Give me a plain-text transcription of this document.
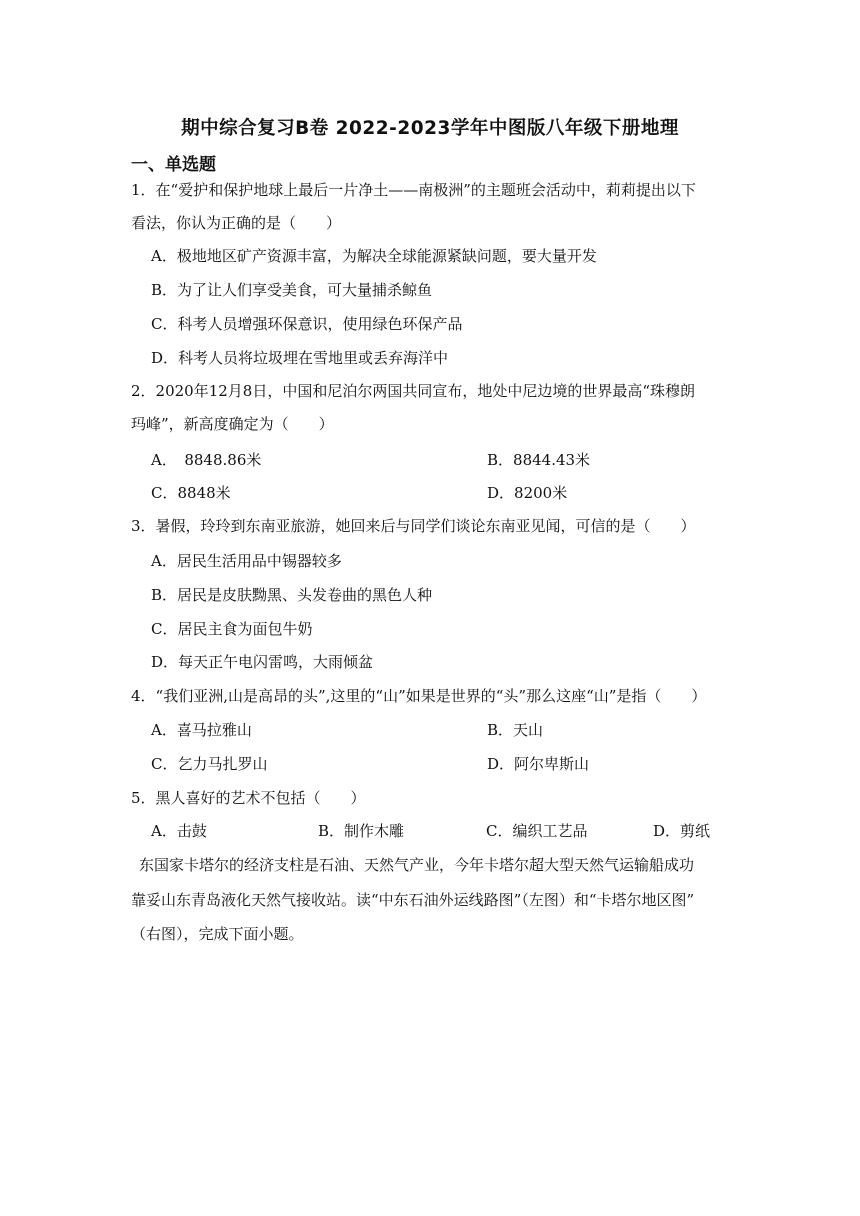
期中综合复习B卷 2022-2023学年中图版八年级下册地理
一、单选题
1．在“爱护和保护地球上最后一片净土——南极洲”的主题班会活动中，莉莉提出以下
看法，你认为正确的是（　　）
A．极地地区矿产资源丰富，为解决全球能源紧缺问题，要大量开发
B．为了让人们享受美食，可大量捕杀鲸鱼
C．科考人员增强环保意识，使用绿色环保产品
D．科考人员将垃圾埋在雪地里或丢弃海洋中
2．2020年12月8日，中国和尼泊尔两国共同宣布，地处中尼边境的世界最高“珠穆朗
玛峰”，新高度确定为（　　）
A．　8848.86米	B．8844.43米
C．8848米	D．8200米
3．暑假，玲玲到东南亚旅游，她回来后与同学们谈论东南亚见闻，可信的是（　　）
A．居民生活用品中锡器较多
B．居民是皮肤黝黑、头发卷曲的黑色人种
C．居民主食为面包牛奶
D．每天正午电闪雷鸣，大雨倾盆
4．“我们亚洲,山是高昂的头”,这里的“山”如果是世界的“头”那么这座“山”是指（　　）
A．喜马拉雅山	B．天山
C．乞力马扎罗山	D．阿尔卑斯山
5．黑人喜好的艺术不包括（　　）
A．击鼓	B．制作木雕	C．编织工艺品	D．剪纸
东国家卡塔尔的经济支柱是石油、天然气产业，今年卡塔尔超大型天然气运输船成功
靠妥山东青岛液化天然气接收站。读“中东石油外运线路图”（左图）和“卡塔尔地区图”
（右图），完成下面小题。
